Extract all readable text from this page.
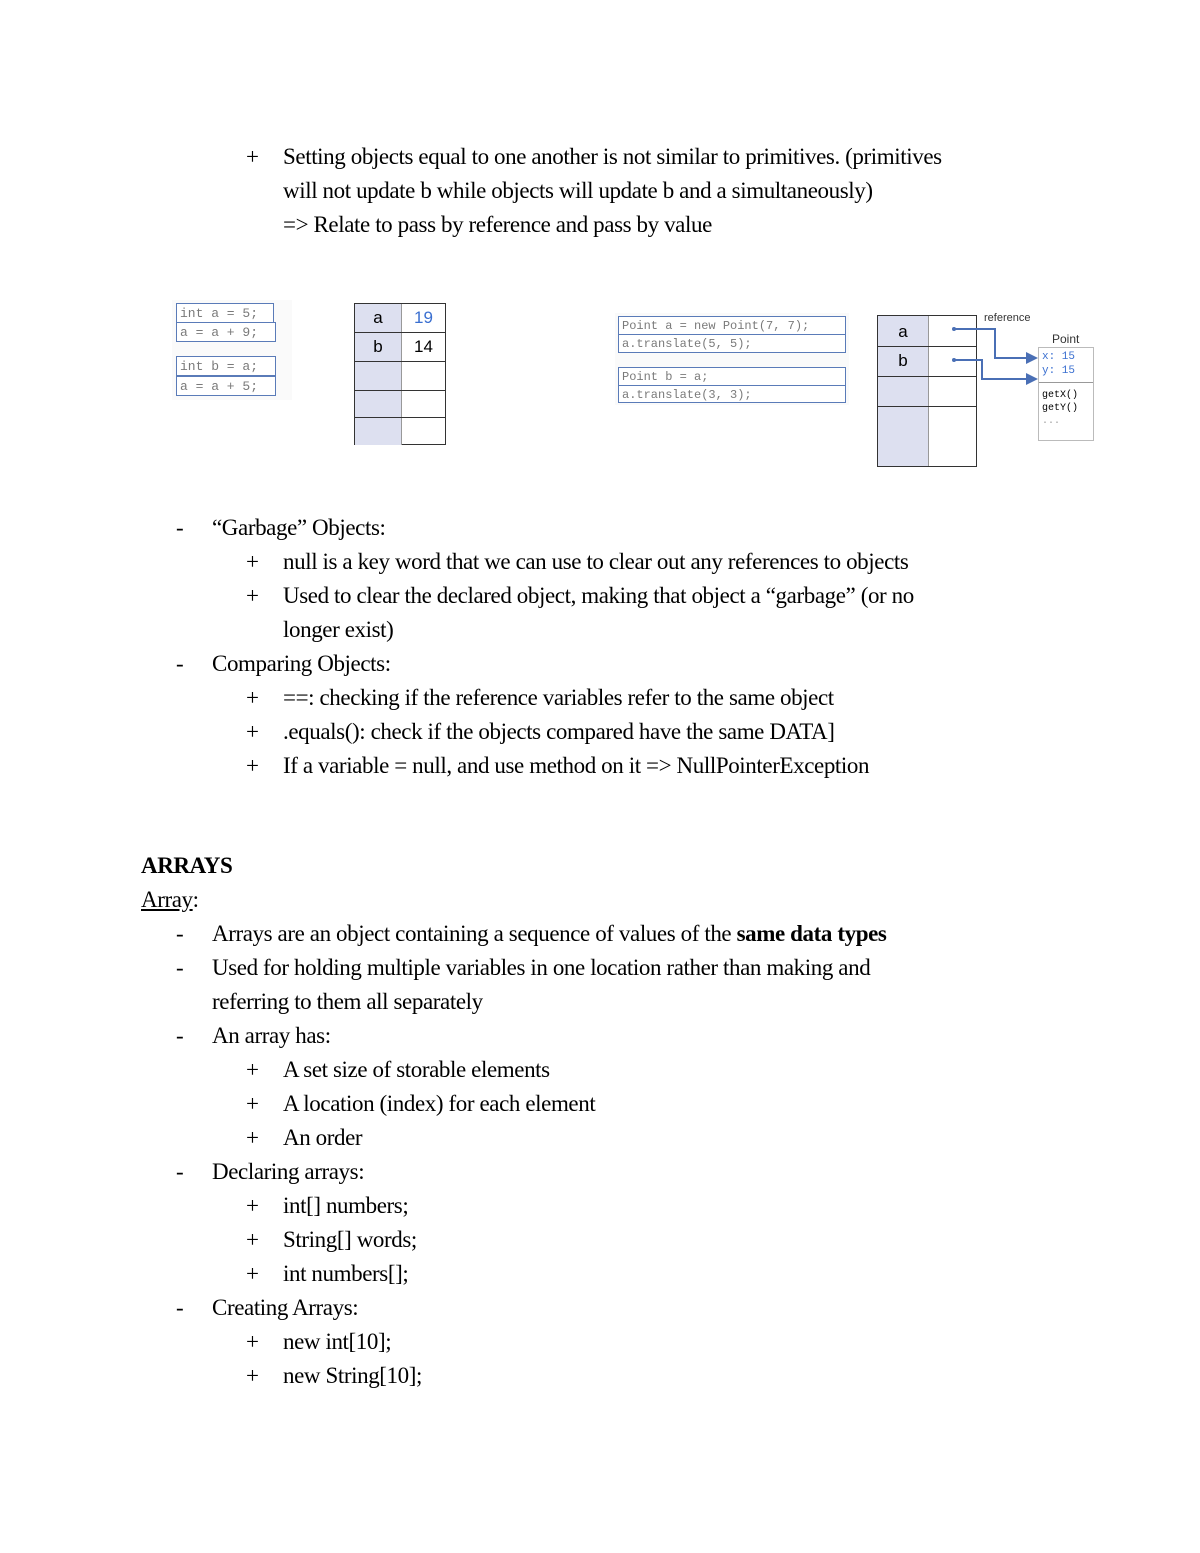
+ Setting objects equal to one another is not similar to primitives. (primitives
will not update b while objects will update b and a simultaneously)
=> Relate to pass by reference and pass by value
int a = 5;
a = a + 9;
int b = a;
a = a + 5;
a	19
b	14
Point a = new Point(7, 7);
a.translate(5, 5);
Point b = a;
a.translate(3, 3);
a
b
reference
Point
x: 15
y: 15
getX()
getY()
...
- “Garbage” Objects:
+ null is a key word that we can use to clear out any references to objects
+ Used to clear the declared object, making that object a “garbage” (or no
longer exist)
- Comparing Objects:
+ ==: checking if the reference variables refer to the same object
+ .equals(): check if the objects compared have the same DATA]
+ If a variable = null, and use method on it => NullPointerException
ARRAYS
Array:
- Arrays are an object containing a sequence of values of the same data types
- Used for holding multiple variables in one location rather than making and
referring to them all separately
- An array has:
+ A set size of storable elements
+ A location (index) for each element
+ An order
- Declaring arrays:
+ int[] numbers;
+ String[] words;
+ int numbers[];
- Creating Arrays:
+ new int[10];
+ new String[10];
